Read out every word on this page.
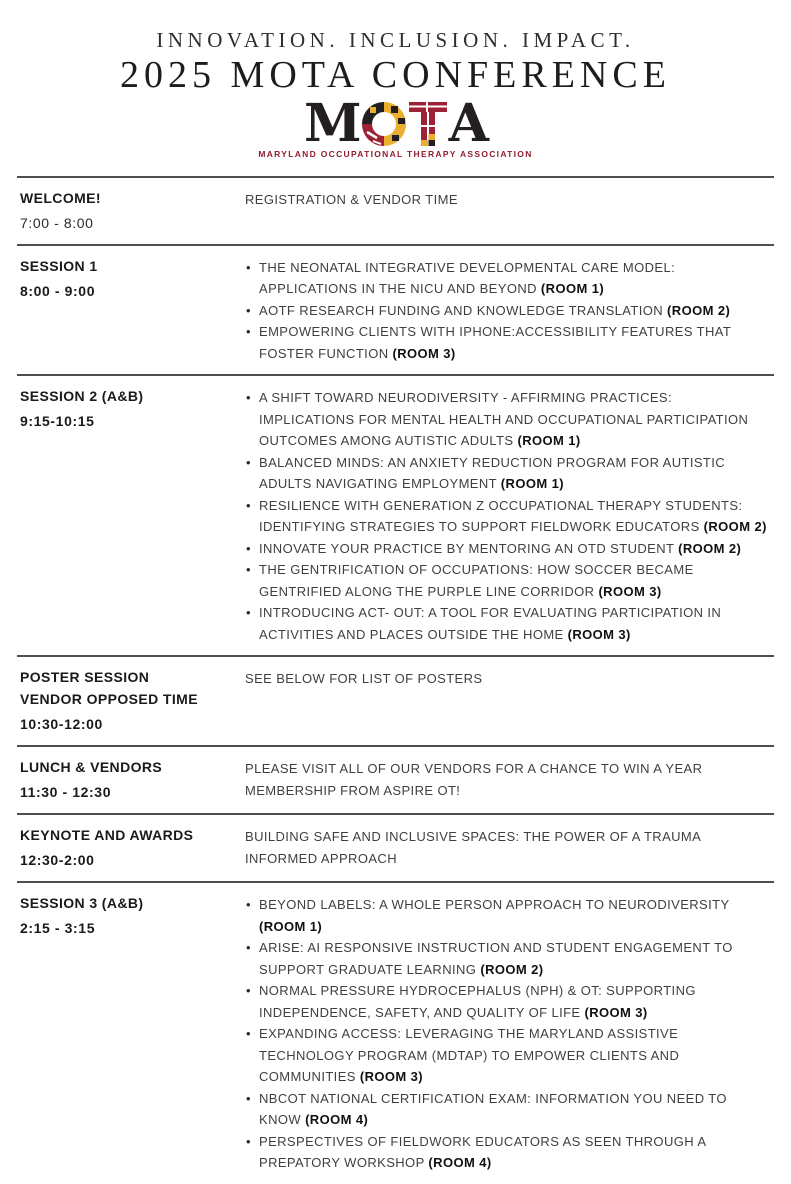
INNOVATION. INCLUSION. IMPACT.
2025 MOTA CONFERENCE
M A
MARYLAND OCCUPATIONAL THERAPY ASSOCIATION
WELCOME!
7:00 - 8:00
REGISTRATION & VENDOR TIME
SESSION 1
8:00 - 9:00
• THE NEONATAL INTEGRATIVE DEVELOPMENTAL CARE MODEL: APPLICATIONS IN THE NICU AND BEYOND (ROOM 1)
• AOTF RESEARCH FUNDING AND KNOWLEDGE TRANSLATION (ROOM 2)
• EMPOWERING CLIENTS WITH IPHONE:ACCESSIBILITY FEATURES THAT FOSTER FUNCTION (ROOM 3)
SESSION 2 (A&B)
9:15-10:15
• A SHIFT TOWARD NEURODIVERSITY - AFFIRMING PRACTICES: IMPLICATIONS FOR MENTAL HEALTH AND OCCUPATIONAL PARTICIPATION OUTCOMES AMONG AUTISTIC ADULTS (ROOM 1)
• BALANCED MINDS: AN ANXIETY REDUCTION PROGRAM FOR AUTISTIC ADULTS NAVIGATING EMPLOYMENT (ROOM 1)
• RESILIENCE WITH GENERATION Z OCCUPATIONAL THERAPY STUDENTS: IDENTIFYING STRATEGIES TO SUPPORT FIELDWORK EDUCATORS (ROOM 2)
• INNOVATE YOUR PRACTICE BY MENTORING AN OTD STUDENT (ROOM 2)
• THE GENTRIFICATION OF OCCUPATIONS: HOW SOCCER BECAME GENTRIFIED ALONG THE PURPLE LINE CORRIDOR (ROOM 3)
• INTRODUCING ACT- OUT: A TOOL FOR EVALUATING PARTICIPATION IN ACTIVITIES AND PLACES OUTSIDE THE HOME (ROOM 3)
POSTER SESSION
VENDOR OPPOSED TIME
10:30-12:00
SEE BELOW FOR LIST OF POSTERS
LUNCH & VENDORS
11:30 - 12:30
PLEASE VISIT ALL OF OUR VENDORS FOR A CHANCE TO WIN A YEAR MEMBERSHIP FROM ASPIRE OT!
KEYNOTE AND AWARDS
12:30-2:00
BUILDING SAFE AND INCLUSIVE SPACES: THE POWER OF A TRAUMA INFORMED APPROACH
SESSION 3 (A&B)
2:15 - 3:15
• BEYOND LABELS: A WHOLE PERSON APPROACH TO NEURODIVERSITY (ROOM 1)
• ARISE: AI RESPONSIVE INSTRUCTION AND STUDENT ENGAGEMENT TO SUPPORT GRADUATE LEARNING (ROOM 2)
• NORMAL PRESSURE HYDROCEPHALUS (NPH) & OT: SUPPORTING INDEPENDENCE, SAFETY, AND QUALITY OF LIFE (ROOM 3)
• EXPANDING ACCESS: LEVERAGING THE MARYLAND ASSISTIVE TECHNOLOGY PROGRAM (MDTAP) TO EMPOWER CLIENTS AND COMMUNITIES (ROOM 3)
• NBCOT NATIONAL CERTIFICATION EXAM: INFORMATION YOU NEED TO KNOW (ROOM 4)
• PERSPECTIVES OF FIELDWORK EDUCATORS AS SEEN THROUGH A PREPATORY WORKSHOP (ROOM 4)
